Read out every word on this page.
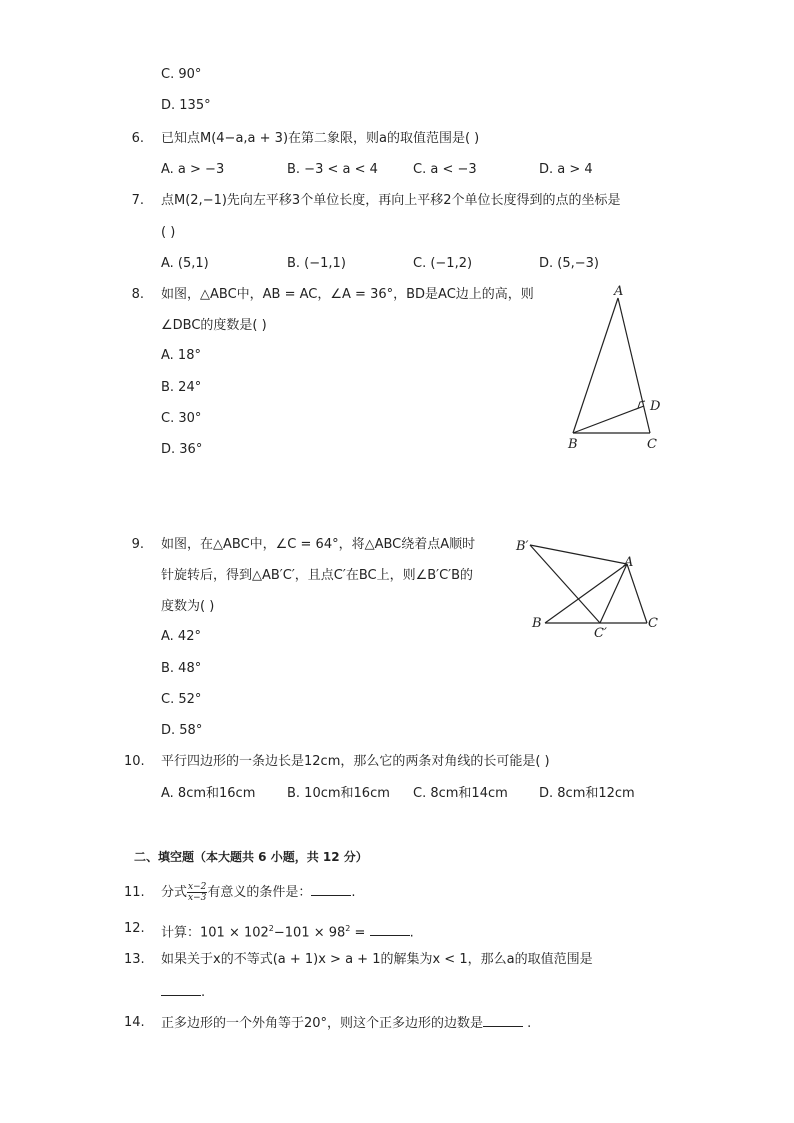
C. 90°
D. 135°
6. 已知点M(4−a,a + 3)在第二象限，则a的取值范围是( )
A. a > −3	B. −3 < a < 4	C. a < −3	D. a > 4
7. 点M(2,−1)先向左平移3个单位长度，再向上平移2个单位长度得到的点的坐标是
( )
A. (5,1)	B. (−1,1)	C. (−1,2)	D. (5,−3)
8. 如图，△ABC中，AB = AC，∠A = 36°，BD是AC边上的高，则
∠DBC的度数是( )
A. 18°
B. 24°
C. 30°
D. 36°
A
B	C
D
9. 如图，在△ABC中，∠C = 64°，将△ABC绕着点A顺时
针旋转后，得到△AB′C′，且点C′在BC上，则∠B′C′B的
度数为( )
A. 42°
B. 48°
C. 52°
D. 58°
B′
A
B
C′
C
10. 平行四边形的一条边长是12cm，那么它的两条对角线的长可能是( )
A. 8cm和16cm B. 10cm和16cm C. 8cm和14cm D. 8cm和12cm
二、填空题（本大题共 6 小题，共 12 分）
11. 分式 $\frac{x-2}{x-3}$ 有意义的条件是：	.
12. 计算：$101 \times 102^2-101 \times 98^2$ =	.
13. 如果关于x的不等式(a + 1)x > a + 1的解集为x < 1，那么a的取值范围是
.
14. 正多边形的一个外角等于20°，则这个正多边形的边数是	.
